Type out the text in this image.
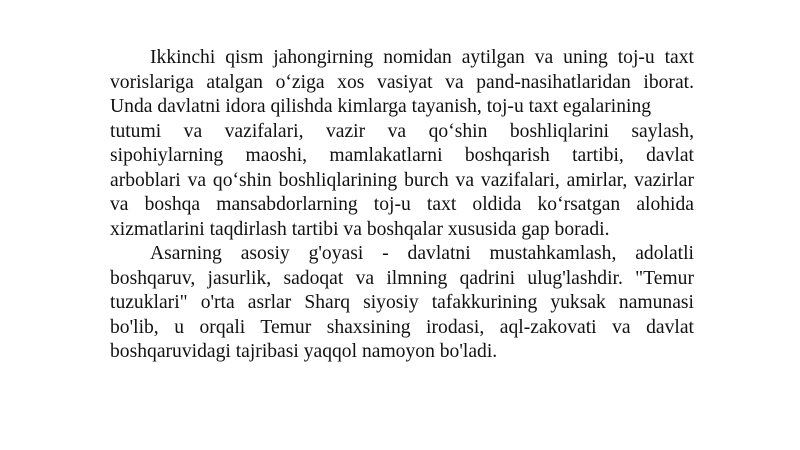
Ikkinchi qism jahongirning nomidan aytilgan va uning toj-u taxt
vorislariga atalgan o‘ziga xos vasiyat va pand-nasihatlaridan iborat.
Unda davlatni idora qilishda kimlarga tayanish, toj-u taxt egalarining
tutumi va vazifalari, vazir va qo‘shin boshliqlarini saylash,
sipohiylarning maoshi, mamlakatlarni boshqarish tartibi, davlat
arboblari va qo‘shin boshliqlarining burch va vazifalari, amirlar, vazirlar
va boshqa mansabdorlarning toj-u taxt oldida ko‘rsatgan alohida
xizmatlarini taqdirlash tartibi va boshqalar xususida gap boradi.

Asarning asosiy g'oyasi - davlatni mustahkamlash, adolatli
boshqaruv, jasurlik, sadoqat va ilmning qadrini ulug'lashdir. "Temur
tuzuklari" o'rta asrlar Sharq siyosiy tafakkurining yuksak namunasi
bo'lib, u orqali Temur shaxsining irodasi, aql-zakovati va davlat
boshqaruvidagi tajribasi yaqqol namoyon bo'ladi.
